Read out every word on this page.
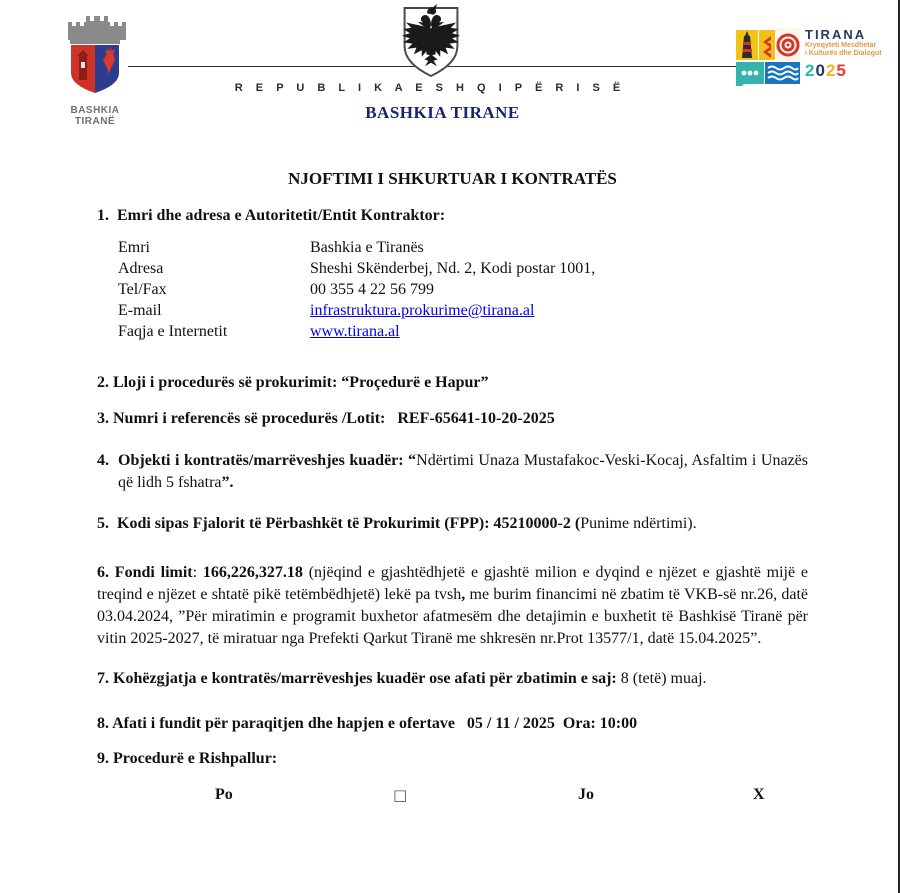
BASHKIA
TIRANË
R E P U B L I K A E S H Q I P Ë R I S Ë
BASHKIA TIRANE
TIRANA
Kryeqyteti Mesdhetar
i Kulturës dhe Dialogut
2025
NJOFTIMI I SHKURTUAR I KONTRATËS
1.  Emri dhe adresa e Autoritetit/Entit Kontraktor:
Emri	Bashkia e Tiranës
Adresa	Sheshi Skënderbej, Nd. 2, Kodi postar 1001,
Tel/Fax	00 355 4 22 56 799
E-mail	infrastruktura.prokurime@tirana.al
Faqja e Internetit	www.tirana.al
2. Lloji i procedurës së prokurimit: “Proçedurë e Hapur”
3. Numri i referencës së procedurës /Lotit:   REF-65641-10-20-2025
4.  Objekti i kontratës/marrëveshjes kuadër: “Ndërtimi Unaza Mustafakoc-Veski-Kocaj, Asfaltim i Unazës që lidh 5 fshatra”.
5.  Kodi sipas Fjalorit të Përbashkët të Prokurimit (FPP): 45210000-2 (Punime ndërtimi).
6. Fondi limit: 166,226,327.18 (njëqind e gjashtëdhjetë e gjashtë milion e dyqind e njëzet e gjashtë mijë e treqind e njëzet e shtatë pikë tetëmbëdhjetë) lekë pa tvsh, me burim financimi në zbatim të VKB-së nr.26, datë 03.04.2024, ”Për miratimin e programit buxhetor afatmesëm dhe detajimin e buxhetit të Bashkisë Tiranë për vitin 2025-2027, të miratuar nga Prefekti Qarkut Tiranë me shkresën nr.Prot 13577/1, datë 15.04.2025”.
7. Kohëzgjatja e kontratës/marrëveshjes kuadër ose afati për zbatimin e saj: 8 (tetë) muaj.
8. Afati i fundit për paraqitjen dhe hapjen e ofertave   05 / 11 / 2025  Ora: 10:00
9. Procedurë e Rishpallur:
Po	□	Jo	X
